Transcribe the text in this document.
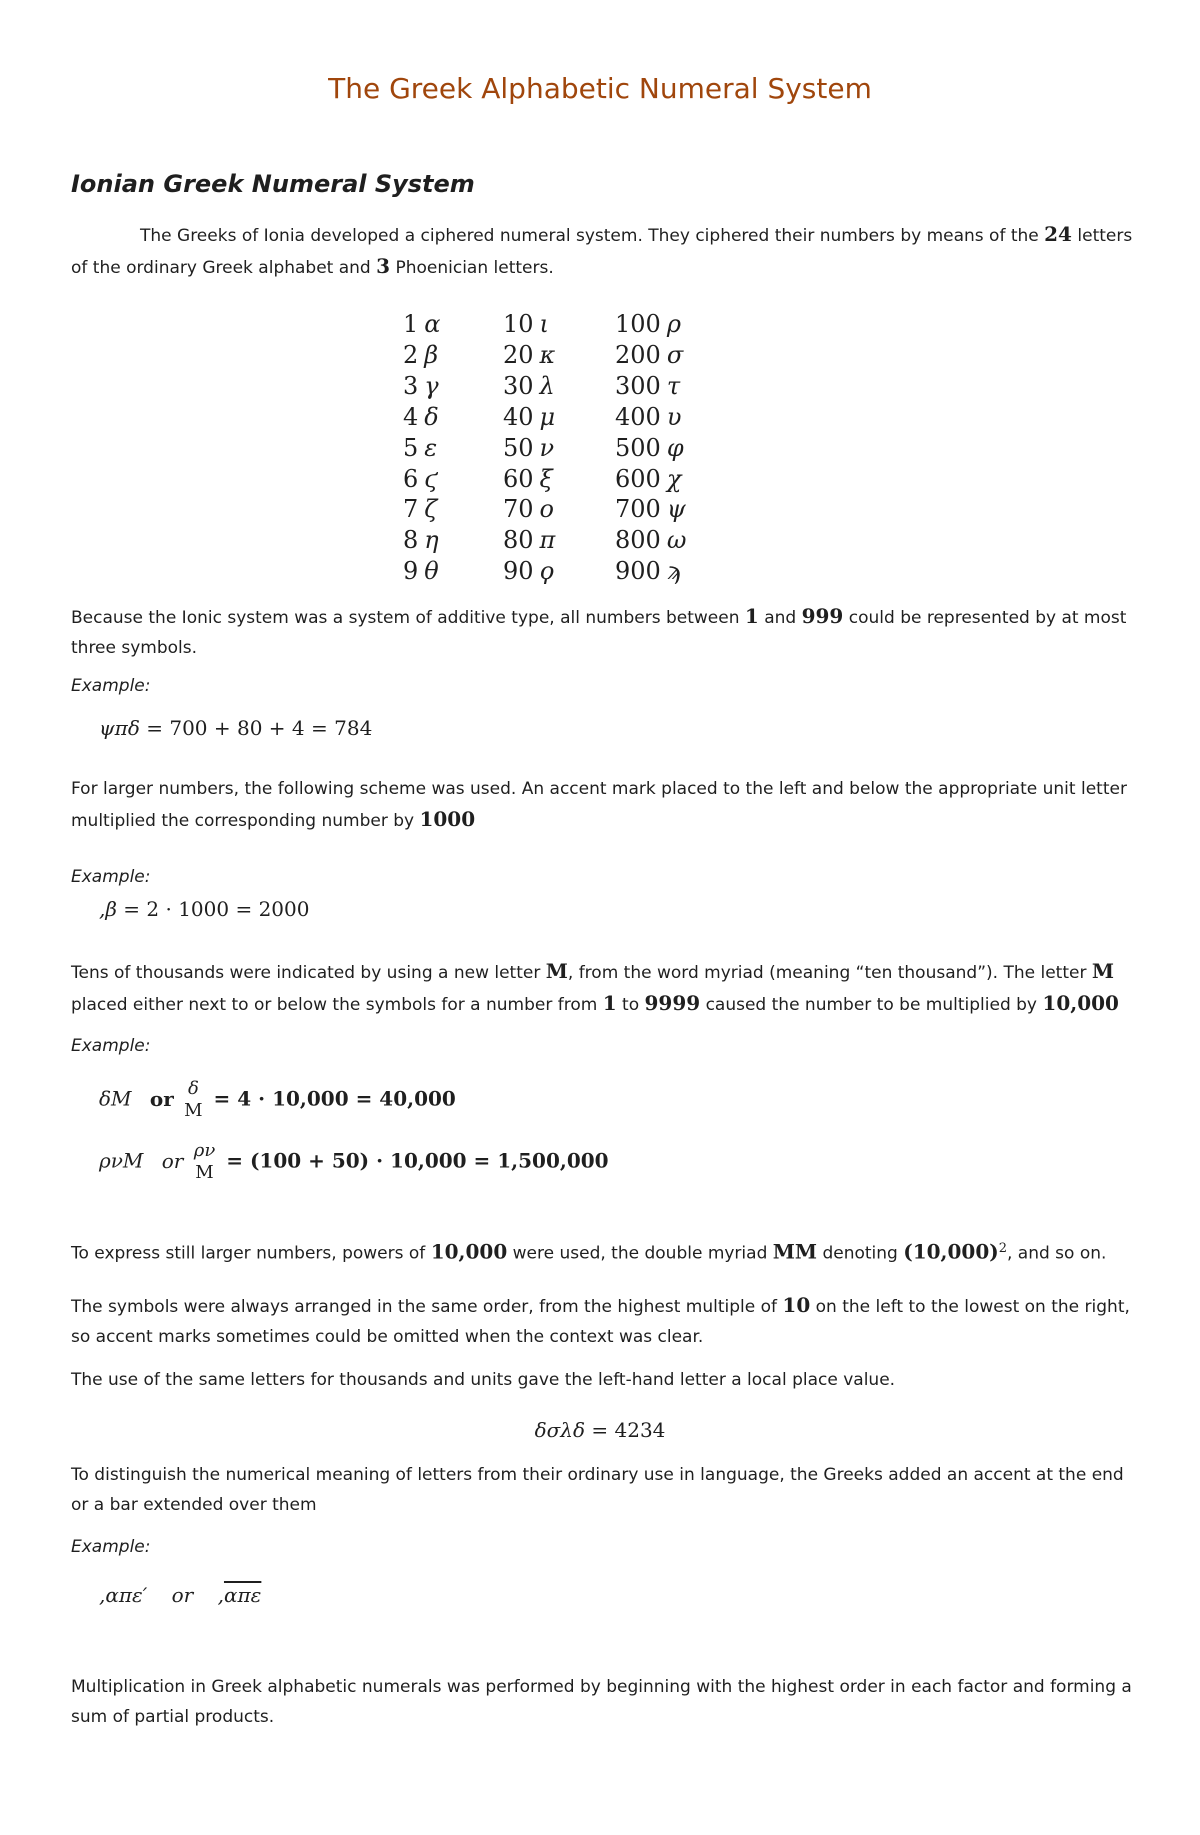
The Greek Alphabetic Numeral System
Ionian Greek Numeral System
The Greeks of Ionia developed a ciphered numeral system. They ciphered their numbers by means of the 24 letters of the ordinary Greek alphabet and 3 Phoenician letters.
1 α
2 β
3 γ
4 δ
5 ε
6 ϛ
7 ζ
8 η
9 θ
10 ι
20 κ
30 λ
40 μ
50 ν
60 ξ
70 ο
80 π
90 ϙ
100 ρ
200 σ
300 τ
400 υ
500 φ
600 χ
700 ψ
800 ω
900 ϡ
Because the Ionic system was a system of additive type, all numbers between 1 and 999 could be represented by at most three symbols.
Example:
ψπδ = 700 + 80 + 4 = 784
For larger numbers, the following scheme was used. An accent mark placed to the left and below the appropriate unit letter multiplied the corresponding number by 1000
Example:
,β = 2 · 1000 = 2000
Tens of thousands were indicated by using a new letter M, from the word myriad (meaning “ten thousand”). The letter M placed either next to or below the symbols for a number from 1 to 9999 caused the number to be multiplied by 10,000
Example:
δM or δ
M = 4 · 10,000 = 40,000
ρνM or ρν
M = (100 + 50) · 10,000 = 1,500,000
To express still larger numbers, powers of 10,000 were used, the double myriad MM denoting $(10,000)^2$, and so on.
The symbols were always arranged in the same order, from the highest multiple of 10 on the left to the lowest on the right, so accent marks sometimes could be omitted when the context was clear.
The use of the same letters for thousands and units gave the left-hand letter a local place value.
δσλδ = 4234
To distinguish the numerical meaning of letters from their ordinary use in language, the Greeks added an accent at the end or a bar extended over them
Example:
,απε′ or $,\overline{\alpha\pi\varepsilon}$
Multiplication in Greek alphabetic numerals was performed by beginning with the highest order in each factor and forming a sum of partial products.
